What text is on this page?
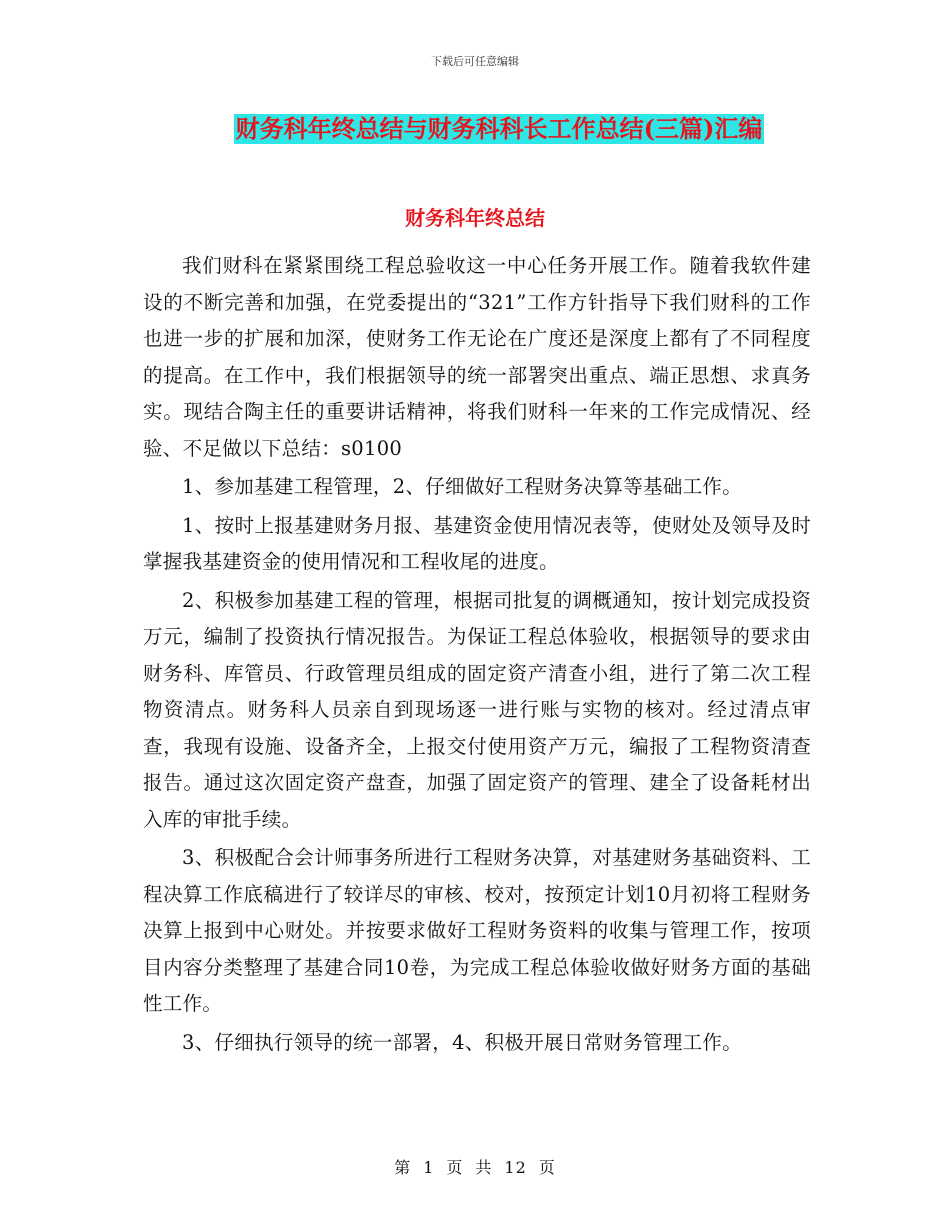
下载后可任意编辑
财务科年终总结与财务科科长工作总结(三篇)汇编
财务科年终总结

我们财科在紧紧围绕工程总验收这一中心任务开展工作。随着我软件建设的不断完善和加强，在党委提出的“321”工作方针指导下我们财科的工作也进一步的扩展和加深，使财务工作无论在广度还是深度上都有了不同程度的提高。在工作中，我们根据领导的统一部署突出重点、端正思想、求真务实。现结合陶主任的重要讲话精神，将我们财科一年来的工作完成情况、经验、不足做以下总结：s0100

1、参加基建工程管理，2、仔细做好工程财务决算等基础工作。

1、按时上报基建财务月报、基建资金使用情况表等，使财处及领导及时掌握我基建资金的使用情况和工程收尾的进度。

2、积极参加基建工程的管理，根据司批复的调概通知，按计划完成投资万元，编制了投资执行情况报告。为保证工程总体验收，根据领导的要求由财务科、库管员、行政管理员组成的固定资产清查小组，进行了第二次工程物资清点。财务科人员亲自到现场逐一进行账与实物的核对。经过清点审查，我现有设施、设备齐全，上报交付使用资产万元，编报了工程物资清查报告。通过这次固定资产盘查，加强了固定资产的管理、建全了设备耗材出入库的审批手续。

3、积极配合会计师事务所进行工程财务决算，对基建财务基础资料、工程决算工作底稿进行了较详尽的审核、校对，按预定计划10月初将工程财务决算上报到中心财处。并按要求做好工程财务资料的收集与管理工作，按项目内容分类整理了基建合同10卷，为完成工程总体验收做好财务方面的基础性工作。

3、仔细执行领导的统一部署，4、积极开展日常财务管理工作。

第 1 页 共 12 页
